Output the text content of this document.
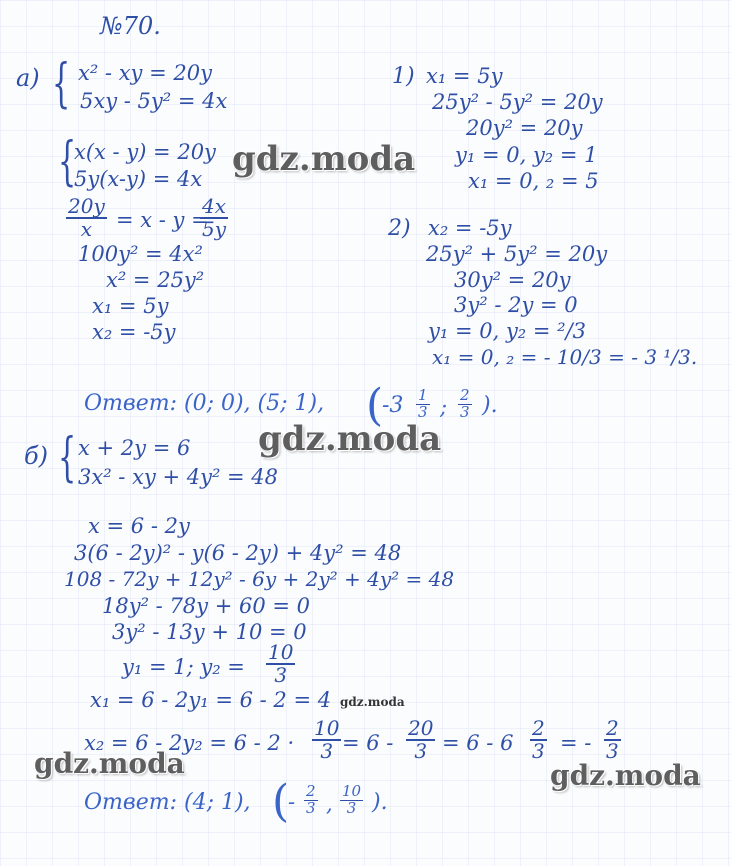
№70.
а) { x² - xy = 20y
5xy - 5y² = 4x
{
x(x - y) = 20y
5y(x-y) = 4x
$\frac{20y}{x} = x - y$ =
$\frac{4x}{5y}$
100y² = 4x²
x² = 25y²
x₁ = 5y
x₂ = -5y
1) x₁ = 5y
25y² - 5y² = 20y
20y² = 20y
y₁ = 0, y₂ = 1
x₁ = 0, ₂ = 5
2) x₂ = -5y
25y² + 5y² = 20y
30y² = 20y
3y² - 2y = 0
y₁ = 0, y₂ = ²/3
x₁ = 0, ₂ = - 10/3 = - 3 ¹/3.
Ответ: (0; 0), (5; 1), (
$-3 \frac{1}{3}$ ; $\frac{2}{3}$ ).
б) { x + 2y = 6
3x² - xy + 4y² = 48
x = 6 - 2y
3(6 - 2y)² - y(6 - 2y) + 4y² = 48
108 - 72y + 12y² - 6y + 2y² + 4y² = 48
18y² - 78y + 60 = 0
3y² - 13y + 10 = 0
y₁ = 1; $y_2 = \frac{10}{3}$
x₁ = 6 - 2y₁ = 6 - 2 = 4
$x_2 = 6 - 2y_2 = 6 - 2 \cdot \frac{10}{3} = 6 - \frac{20}{3} = 6 - 6 \frac{2}{3}$ = - $\frac{2}{3}$
Ответ: (4; 1), (
- $\frac{2}{3}$ , $\frac{10}{3}$ ).
gdz.moda
gdz.moda
gdz.moda
gdz.moda	gdz.moda
